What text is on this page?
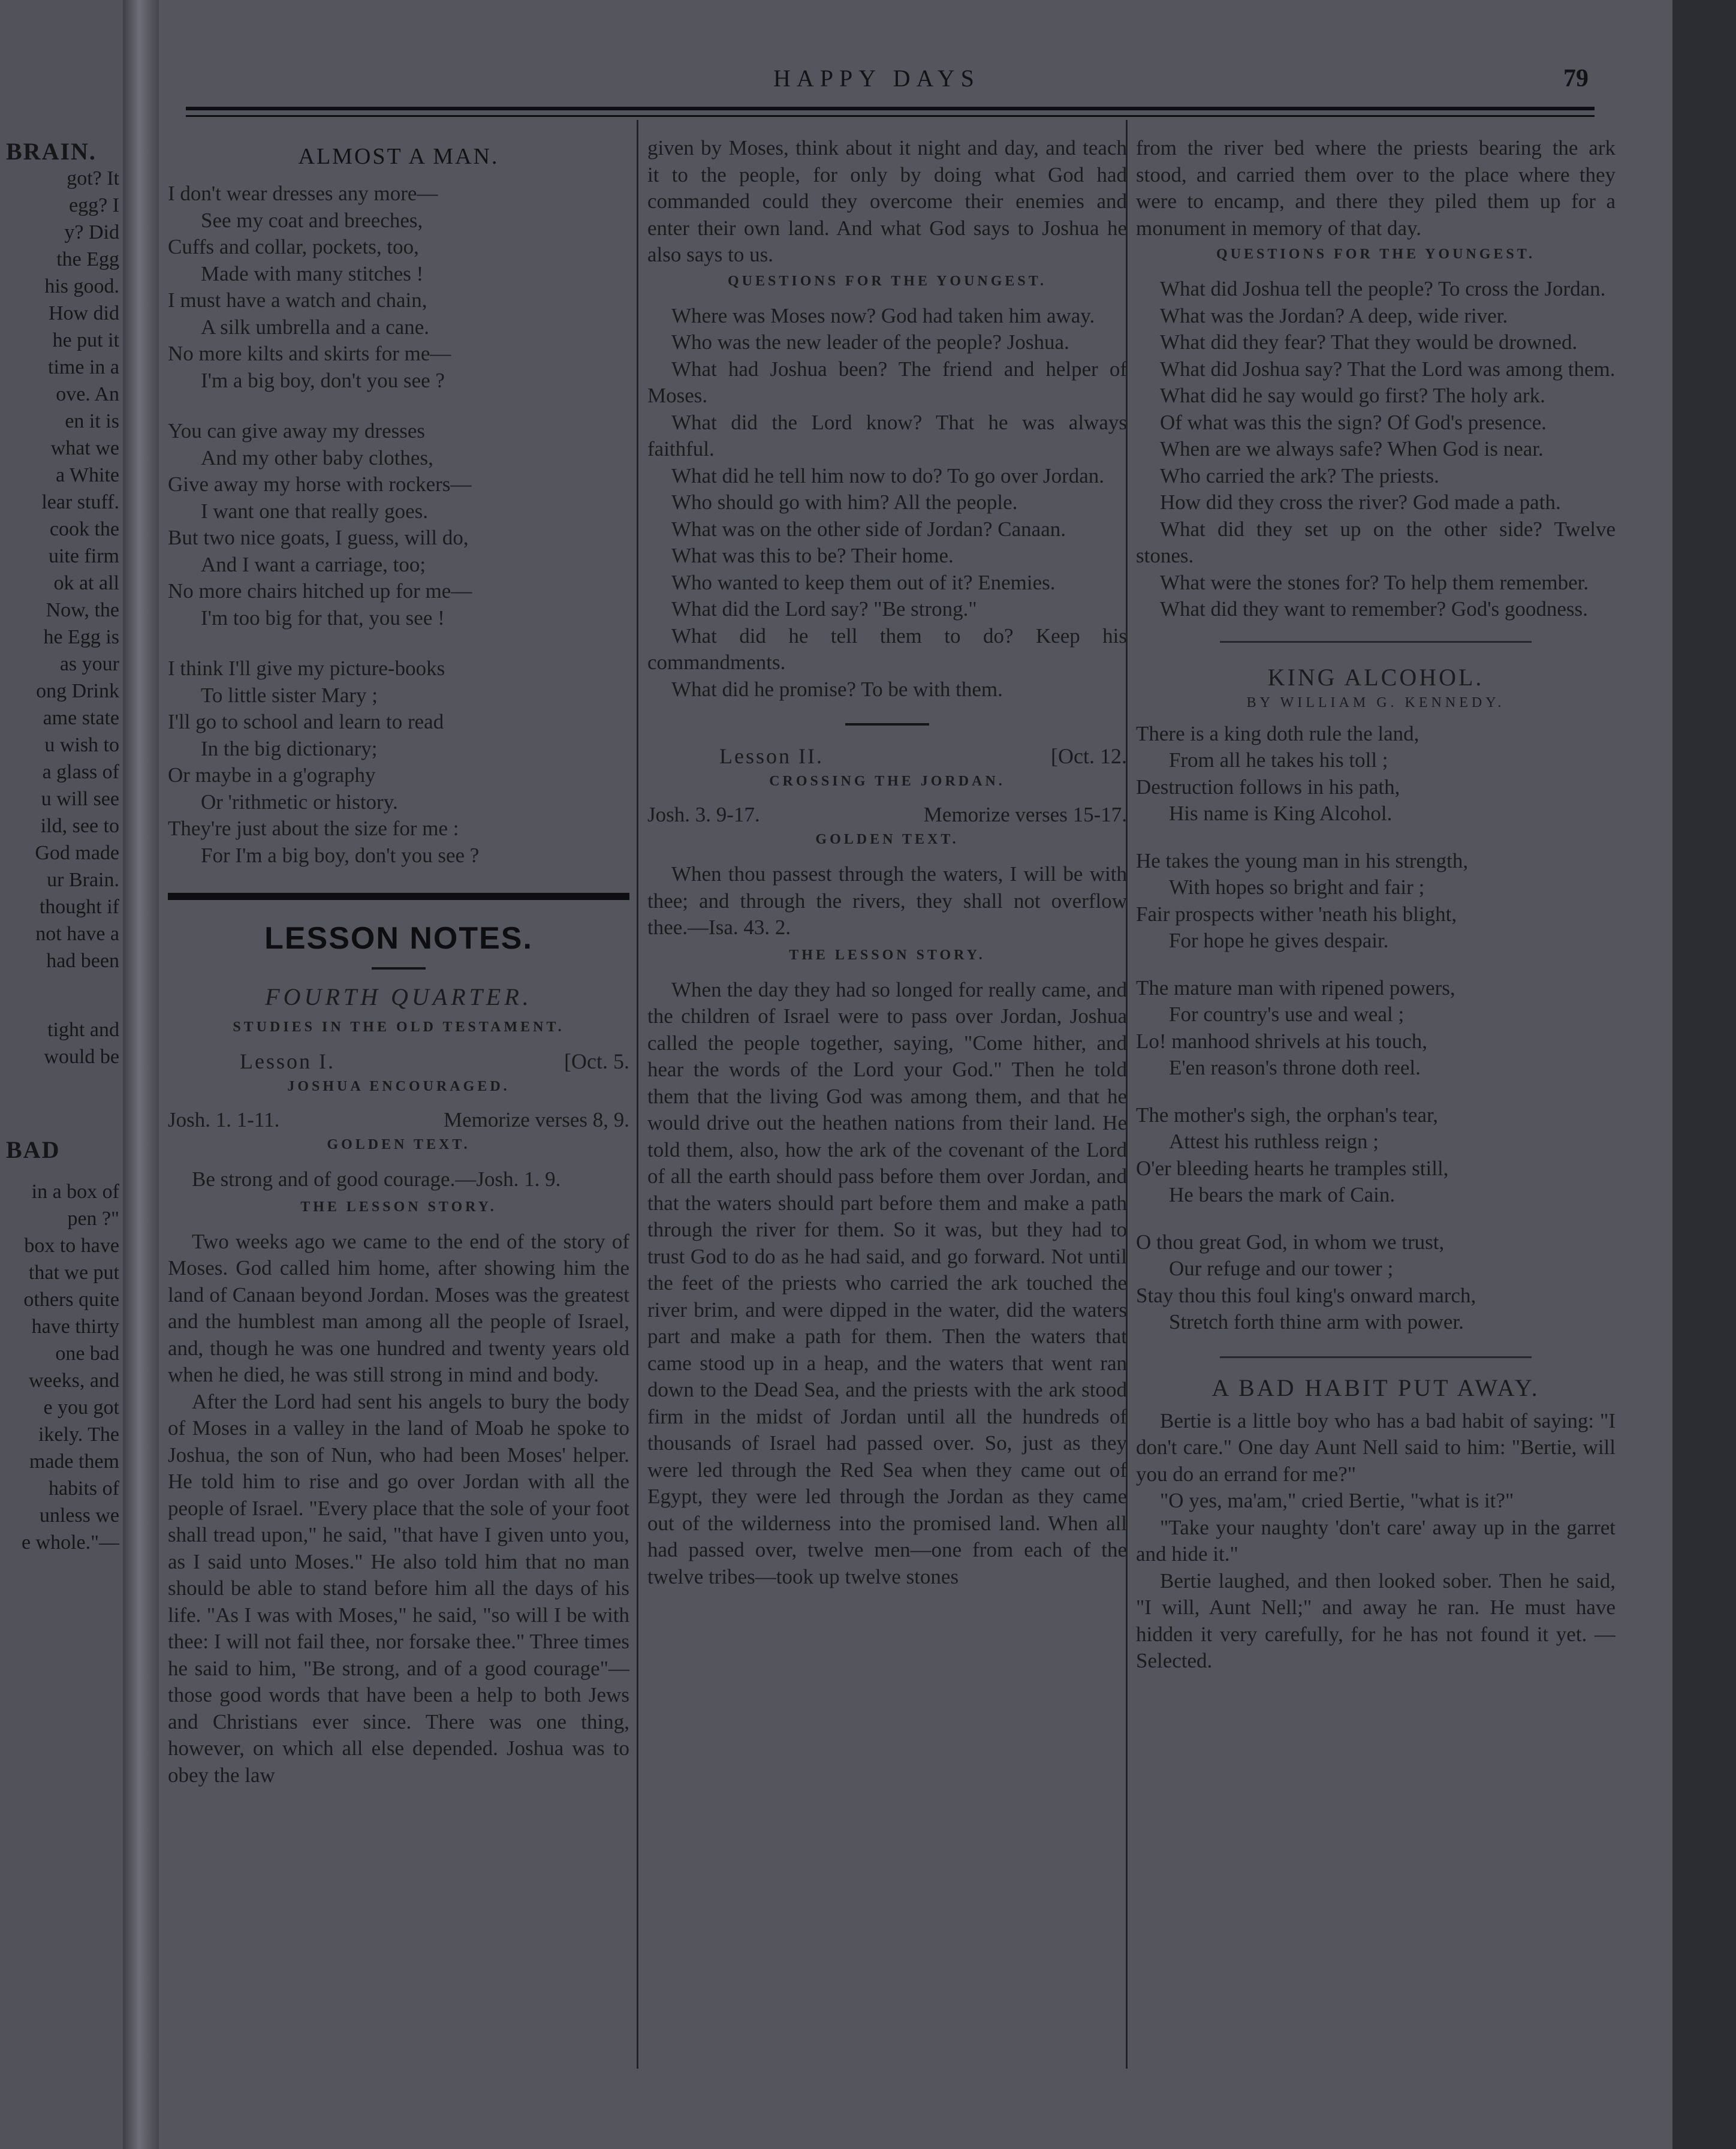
BRAIN.
got? It
egg? I
y? Did
the Egg
his good.
How did
he put it
time in a
ove. An
en it is
what we
a White
lear stuff.
cook the
uite firm
ok at all
Now, the
he Egg is
as your
ong Drink
ame state
u wish to
a glass of
u will see
ild, see to
God made
ur Brain.
thought if
not have a
had been
tight and
would be
BAD
in a box of
pen ?"
box to have
that we put
others quite
have thirty
one bad
weeks, and
e you got
ikely. The
made them
habits of
unless we
e whole."—
HAPPY DAYS	79
ALMOST A MAN.

I don't wear dresses any more—

See my coat and breeches,

Cuffs and collar, pockets, too,

Made with many stitches !

I must have a watch and chain,

A silk umbrella and a cane.

No more kilts and skirts for me—

I'm a big boy, don't you see ?

You can give away my dresses

And my other baby clothes,

Give away my horse with rockers—

I want one that really goes.

But two nice goats, I guess, will do,

And I want a carriage, too;

No more chairs hitched up for me—

I'm too big for that, you see !

I think I'll give my picture-books

To little sister Mary ;

I'll go to school and learn to read

In the big dictionary;

Or maybe in a g'ography

Or 'rithmetic or history.

They're just about the size for me :

For I'm a big boy, don't you see ?

LESSON NOTES.
FOURTH QUARTER.
STUDIES IN THE OLD TESTAMENT.
Lesson I.	[Oct. 5.
JOSHUA ENCOURAGED.
Josh. 1. 1-11.	Memorize verses 8, 9.
GOLDEN TEXT.

Be strong and of good courage.—Josh. 1. 9.

THE LESSON STORY.

Two weeks ago we came to the end of the story of Moses. God called him home, after showing him the land of Canaan beyond Jordan. Moses was the greatest and the humblest man among all the people of Israel, and, though he was one hundred and twenty years old when he died, he was still strong in mind and body.

After the Lord had sent his angels to bury the body of Moses in a valley in the land of Moab he spoke to Joshua, the son of Nun, who had been Moses' helper. He told him to rise and go over Jordan with all the people of Israel. "Every place that the sole of your foot shall tread upon," he said, "that have I given unto you, as I said unto Moses." He also told him that no man should be able to stand before him all the days of his life. "As I was with Moses," he said, "so will I be with thee: I will not fail thee, nor forsake thee." Three times he said to him, "Be strong, and of a good courage"—those good words that have been a help to both Jews and Christians ever since. There was one thing, however, on which all else depended. Joshua was to obey the law

given by Moses, think about it night and day, and teach it to the people, for only by doing what God had commanded could they overcome their enemies and enter their own land. And what God says to Joshua he also says to us.

QUESTIONS FOR THE YOUNGEST.

Where was Moses now? God had taken him away.

Who was the new leader of the people? Joshua.

What had Joshua been? The friend and helper of Moses.

What did the Lord know? That he was always faithful.

What did he tell him now to do? To go over Jordan.

Who should go with him? All the people.

What was on the other side of Jordan? Canaan.

What was this to be? Their home.

Who wanted to keep them out of it? Enemies.

What did the Lord say? "Be strong."

What did he tell them to do? Keep his commandments.

What did he promise? To be with them.

Lesson II.	[Oct. 12.
CROSSING THE JORDAN.
Josh. 3. 9-17.	Memorize verses 15-17.
GOLDEN TEXT.

When thou passest through the waters, I will be with thee; and through the rivers, they shall not overflow thee.—Isa. 43. 2.

THE LESSON STORY.

When the day they had so longed for really came, and the children of Israel were to pass over Jordan, Joshua called the people together, saying, "Come hither, and hear the words of the Lord your God." Then he told them that the living God was among them, and that he would drive out the heathen nations from their land. He told them, also, how the ark of the covenant of the Lord of all the earth should pass before them over Jordan, and that the waters should part before them and make a path through the river for them. So it was, but they had to trust God to do as he had said, and go forward. Not until the feet of the priests who carried the ark touched the river brim, and were dipped in the water, did the waters part and make a path for them. Then the waters that came stood up in a heap, and the waters that went ran down to the Dead Sea, and the priests with the ark stood firm in the midst of Jordan until all the hundreds of thousands of Israel had passed over. So, just as they were led through the Red Sea when they came out of Egypt, they were led through the Jordan as they came out of the wilderness into the promised land. When all had passed over, twelve men—one from each of the twelve tribes—took up twelve stones

from the river bed where the priests bearing the ark stood, and carried them over to the place where they were to encamp, and there they piled them up for a monument in memory of that day.

QUESTIONS FOR THE YOUNGEST.

What did Joshua tell the people? To cross the Jordan.

What was the Jordan? A deep, wide river.

What did they fear? That they would be drowned.

What did Joshua say? That the Lord was among them.

What did he say would go first? The holy ark.

Of what was this the sign? Of God's presence.

When are we always safe? When God is near.

Who carried the ark? The priests.

How did they cross the river? God made a path.

What did they set up on the other side? Twelve stones.

What were the stones for? To help them remember.

What did they want to remember? God's goodness.

KING ALCOHOL.
BY WILLIAM G. KENNEDY.

There is a king doth rule the land,

From all he takes his toll ;

Destruction follows in his path,

His name is King Alcohol.

He takes the young man in his strength,

With hopes so bright and fair ;

Fair prospects wither 'neath his blight,

For hope he gives despair.

The mature man with ripened powers,

For country's use and weal ;

Lo! manhood shrivels at his touch,

E'en reason's throne doth reel.

The mother's sigh, the orphan's tear,

Attest his ruthless reign ;

O'er bleeding hearts he tramples still,

He bears the mark of Cain.

O thou great God, in whom we trust,

Our refuge and our tower ;

Stay thou this foul king's onward march,

Stretch forth thine arm with power.

A BAD HABIT PUT AWAY.

Bertie is a little boy who has a bad habit of saying: "I don't care." One day Aunt Nell said to him: "Bertie, will you do an errand for me?"

"O yes, ma'am," cried Bertie, "what is it?"

"Take your naughty 'don't care' away up in the garret and hide it."

Bertie laughed, and then looked sober. Then he said, "I will, Aunt Nell;" and away he ran. He must have hidden it very carefully, for he has not found it yet. —Selected.
